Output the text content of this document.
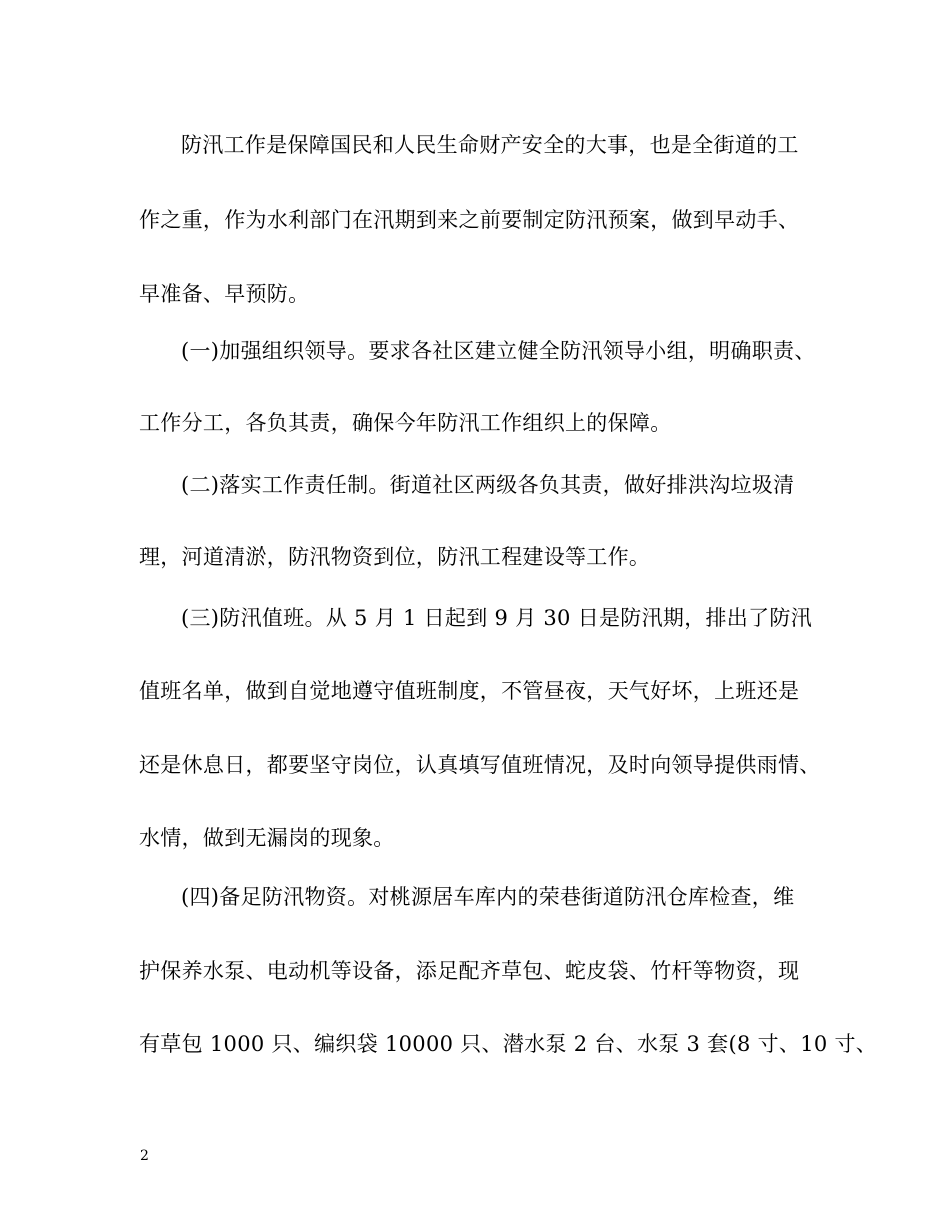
防汛工作是保障国民和人民生命财产安全的大事，也是全街道的工
作之重，作为水利部门在汛期到来之前要制定防汛预案，做到早动手、
早准备、早预防。
(一)加强组织领导。要求各社区建立健全防汛领导小组，明确职责、
工作分工，各负其责，确保今年防汛工作组织上的保障。
(二)落实工作责任制。街道社区两级各负其责，做好排洪沟垃圾清
理，河道清淤，防汛物资到位，防汛工程建设等工作。
(三)防汛值班。从 5 月 1 日起到 9 月 30 日是防汛期，排出了防汛
值班名单，做到自觉地遵守值班制度，不管昼夜，天气好坏，上班还是
还是休息日，都要坚守岗位，认真填写值班情况，及时向领导提供雨情、
水情，做到无漏岗的现象。
(四)备足防汛物资。对桃源居车库内的荣巷街道防汛仓库检查，维
护保养水泵、电动机等设备，添足配齐草包、蛇皮袋、竹杆等物资，现
有草包 1000 只、编织袋 10000 只、潜水泵 2 台、水泵 3 套(8 寸、10 寸、
2
